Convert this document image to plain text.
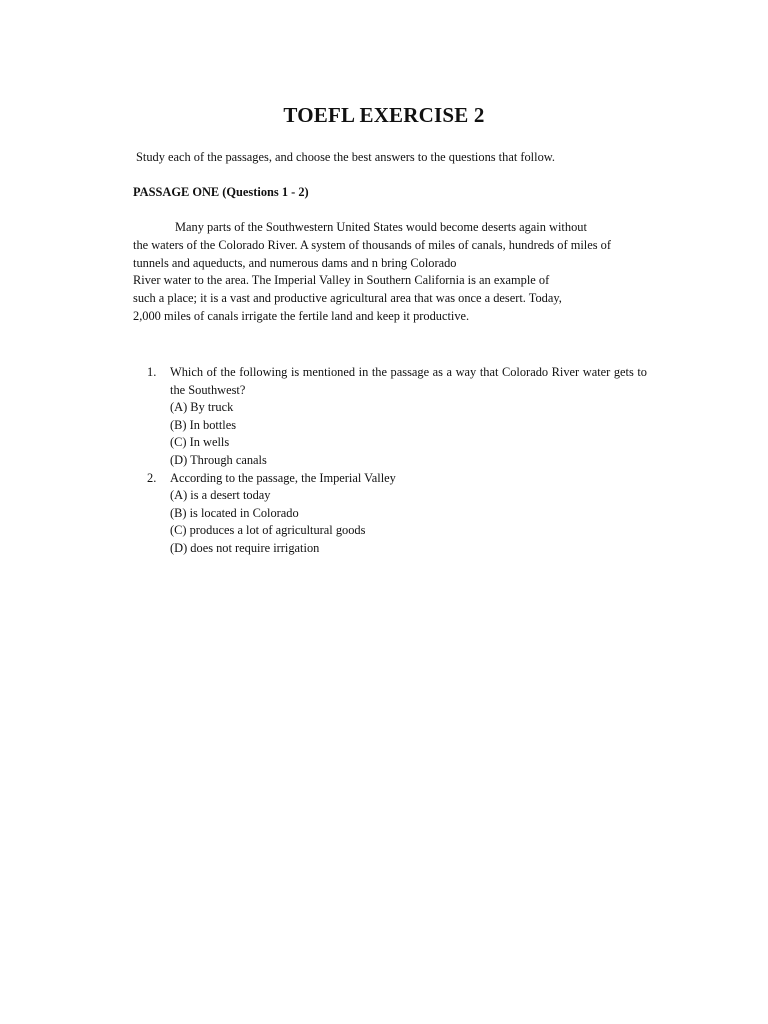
TOEFL EXERCISE 2
Study each of the passages, and choose the best answers to the questions that follow.
PASSAGE ONE (Questions 1 - 2)
Many parts of the Southwestern United States would become deserts again without
the waters of the Colorado River. A system of thousands of miles of canals, hundreds of miles of
tunnels and aqueducts, and numerous dams and n bring Colorado
River water to the area. The Imperial Valley in Southern California is an example of
such a place; it is a vast and productive agricultural area that was once a desert. Today,
2,000 miles of canals irrigate the fertile land and keep it productive.
1. Which of the following is mentioned in the passage as a way that Colorado River water gets to the Southwest?
(A) By truck
(B) In bottles
(C) In wells
(D) Through canals
2. According to the passage, the Imperial Valley
(A) is a desert today
(B) is located in Colorado
(C) produces a lot of agricultural goods
(D) does not require irrigation
